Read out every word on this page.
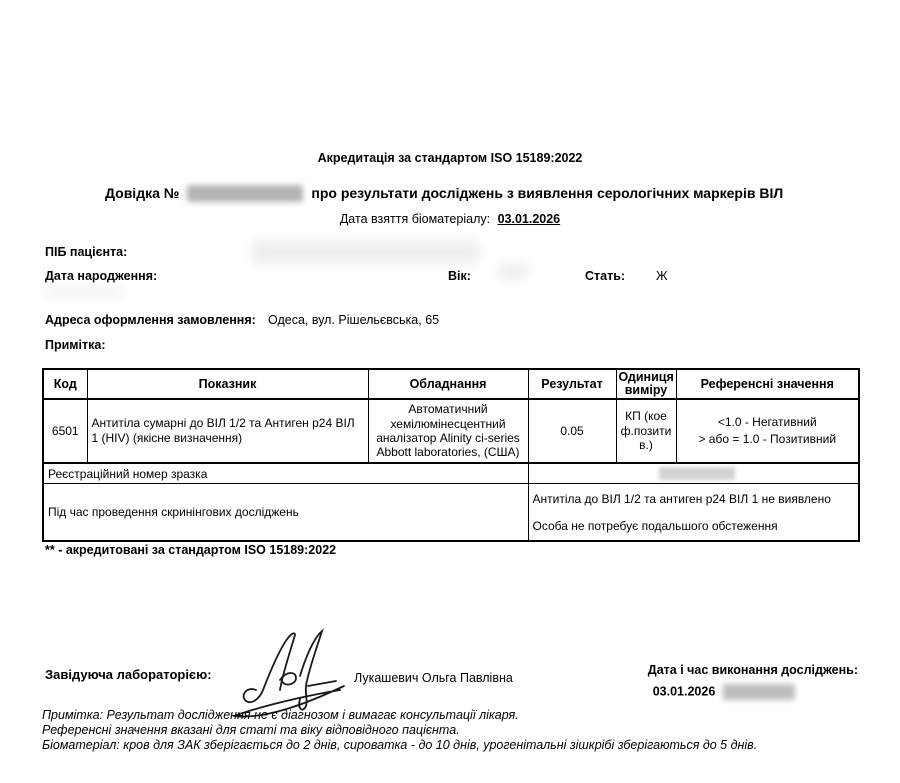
Акредитація за стандартом ISO 15189:2022
Довідка №	про результати досліджень з виявлення серологічних маркерів ВІЛ
Дата взяття біоматеріалу: 03.01.2026
ПІБ пацієнта:
Дата народження:	Вік:	Стать: Ж
Адреса оформлення замовлення: Одеса, вул. Рішельєвська, 65
Примітка:
Код	Показник	Обладнання	Результат	Одиниця виміру	Референсні значення
6501	Антитіла сумарні до ВІЛ 1/2 та Антиген p24 ВІЛ 1 (HIV) (якісне визначення)	Автоматичний хемілюмінесцентний аналізатор Alinity ci-series Abbott laboratories, (США)	0.05	КП (коеф.позитив.)	<1.0 - Негативний
> або = 1.0 - Позитивний

Реєстраційний номер зразка					

Під час проведення скринінгових досліджень			Антитіла до ВІЛ 1/2 та антиген p24 ВІЛ 1 не виявлено
Особа не потребує подальшого обстеження		
** - акредитовані за стандартом ISO 15189:2022
Завідуюча лабораторією:	Лукашевич Ольга Павлівна
Дата і час виконання досліджень:
03.01.2026
Примітка: Результат дослідження не є діагнозом і вимагає консультації лікаря.
Референсні значення вказані для статі та віку відповідного пацієнта.
Біоматеріал: кров для ЗАК зберігається до 2 днів, сироватка - до 10 днів, урогенітальні зішкрібі зберігаються до 5 днів.
